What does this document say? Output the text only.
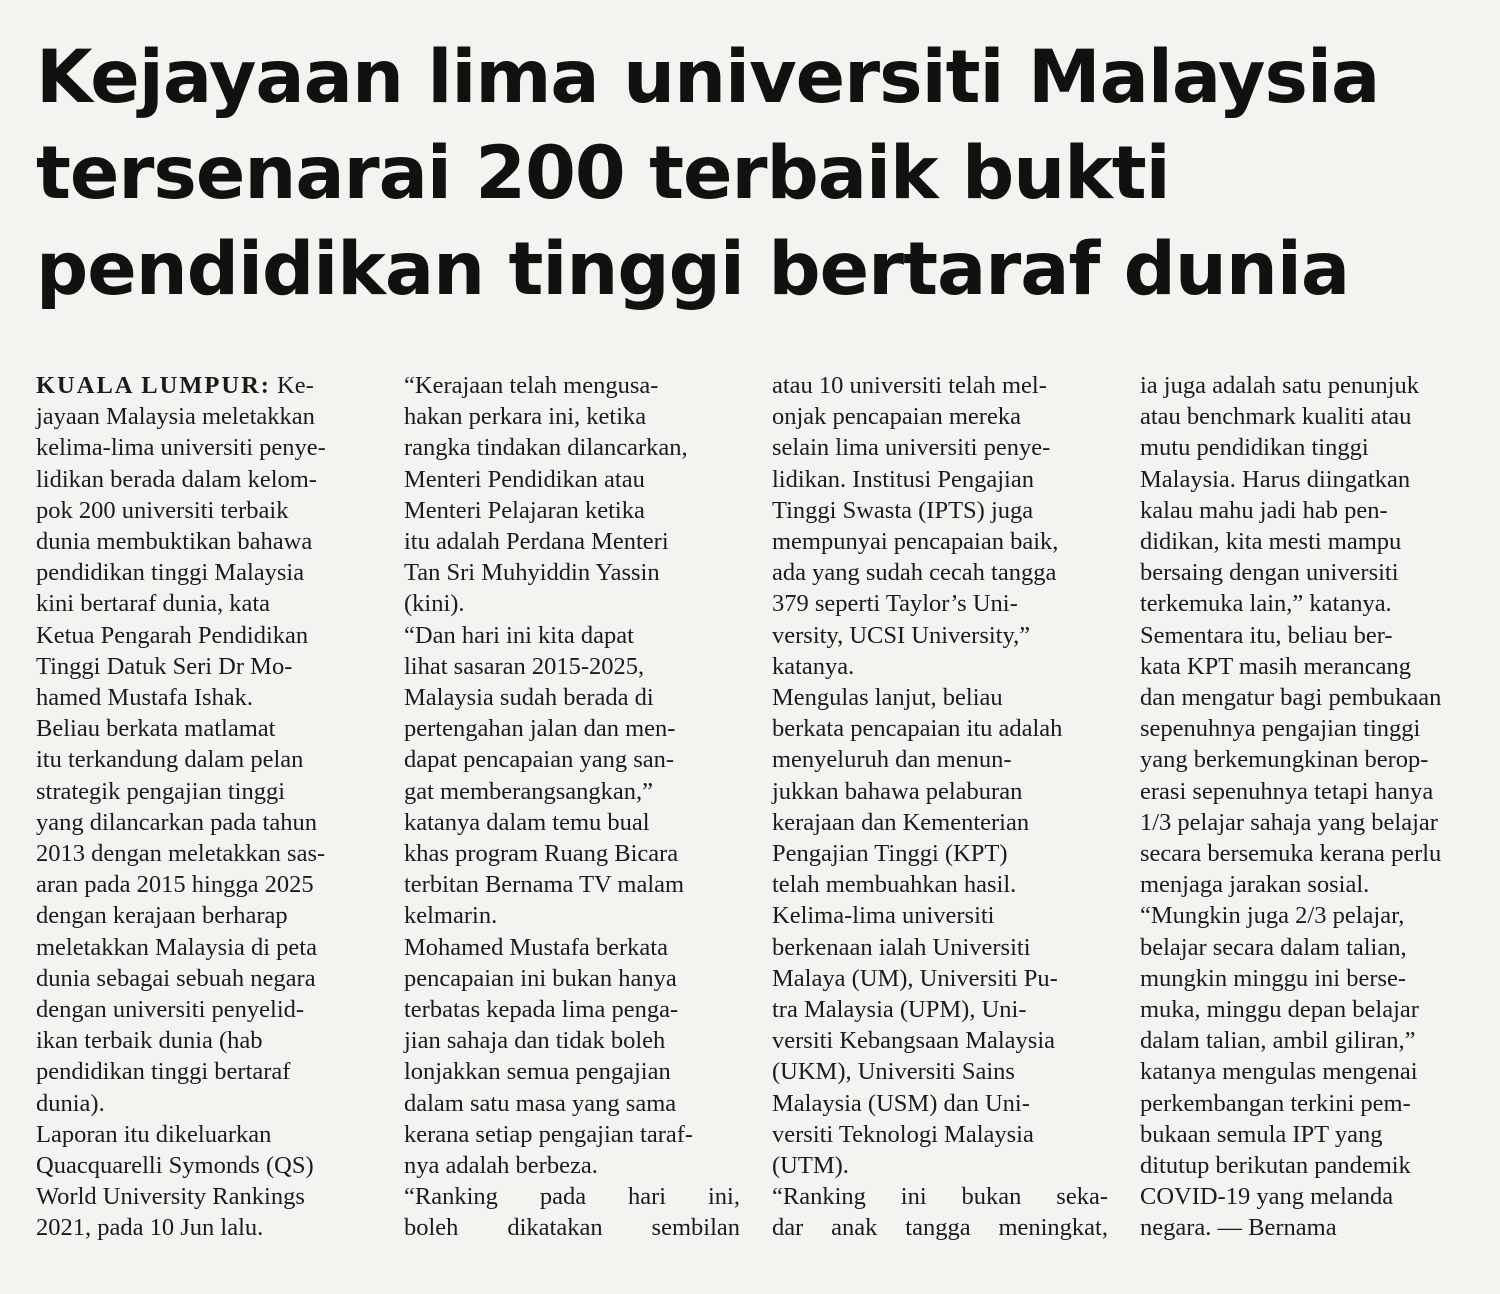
Kejayaan lima universiti Malaysia
tersenarai 200 terbaik bukti
pendidikan tinggi bertaraf dunia

KUALA LUMPUR: Ke-
jayaan Malaysia meletakkan
kelima-lima universiti penye-
lidikan berada dalam kelom-
pok 200 universiti terbaik
dunia membuktikan bahawa
pendidikan tinggi Malaysia
kini bertaraf dunia, kata
Ketua Pengarah Pendidikan
Tinggi Datuk Seri Dr Mo-
hamed Mustafa Ishak.

Beliau berkata matlamat
itu terkandung dalam pelan
strategik pengajian tinggi
yang dilancarkan pada tahun
2013 dengan meletakkan sas-
aran pada 2015 hingga 2025
dengan kerajaan berharap
meletakkan Malaysia di peta
dunia sebagai sebuah negara
dengan universiti penyelid-
ikan terbaik dunia (hab
pendidikan tinggi bertaraf
dunia).

Laporan itu dikeluarkan
Quacquarelli Symonds (QS)
World University Rankings
2021, pada 10 Jun lalu.

“Kerajaan telah mengusa-
hakan perkara ini, ketika
rangka tindakan dilancarkan,
Menteri Pendidikan atau
Menteri Pelajaran ketika
itu adalah Perdana Menteri
Tan Sri Muhyiddin Yassin
(kini).

“Dan hari ini kita dapat
lihat sasaran 2015-2025,
Malaysia sudah berada di
pertengahan jalan dan men-
dapat pencapaian yang san-
gat memberangsangkan,”
katanya dalam temu bual
khas program Ruang Bicara
terbitan Bernama TV malam
kelmarin.

Mohamed Mustafa berkata
pencapaian ini bukan hanya
terbatas kepada lima penga-
jian sahaja dan tidak boleh
lonjakkan semua pengajian
dalam satu masa yang sama
kerana setiap pengajian taraf-
nya adalah berbeza.

“Ranking pada hari ini,
boleh dikatakan sembilan

atau 10 universiti telah mel-
onjak pencapaian mereka
selain lima universiti penye-
lidikan. Institusi Pengajian
Tinggi Swasta (IPTS) juga
mempunyai pencapaian baik,
ada yang sudah cecah tangga
379 seperti Taylor’s Uni-
versity, UCSI University,”
katanya.

Mengulas lanjut, beliau
berkata pencapaian itu adalah
menyeluruh dan menun-
jukkan bahawa pelaburan
kerajaan dan Kementerian
Pengajian Tinggi (KPT)
telah membuahkan hasil.

Kelima-lima universiti
berkenaan ialah Universiti
Malaya (UM), Universiti Pu-
tra Malaysia (UPM), Uni-
versiti Kebangsaan Malaysia
(UKM), Universiti Sains
Malaysia (USM) dan Uni-
versiti Teknologi Malaysia
(UTM).

“Ranking ini bukan seka-
dar anak tangga meningkat,

ia juga adalah satu penunjuk
atau benchmark kualiti atau
mutu pendidikan tinggi
Malaysia. Harus diingatkan
kalau mahu jadi hab pen-
didikan, kita mesti mampu
bersaing dengan universiti
terkemuka lain,” katanya.

Sementara itu, beliau ber-
kata KPT masih merancang
dan mengatur bagi pembukaan
sepenuhnya pengajian tinggi
yang berkemungkinan berop-
erasi sepenuhnya tetapi hanya
1/3 pelajar sahaja yang belajar
secara bersemuka kerana perlu
menjaga jarakan sosial.

“Mungkin juga 2/3 pelajar,
belajar secara dalam talian,
mungkin minggu ini berse-
muka, minggu depan belajar
dalam talian, ambil giliran,”
katanya mengulas mengenai
perkembangan terkini pem-
bukaan semula IPT yang
ditutup berikutan pandemik
COVID-19 yang melanda
negara. — Bernama
